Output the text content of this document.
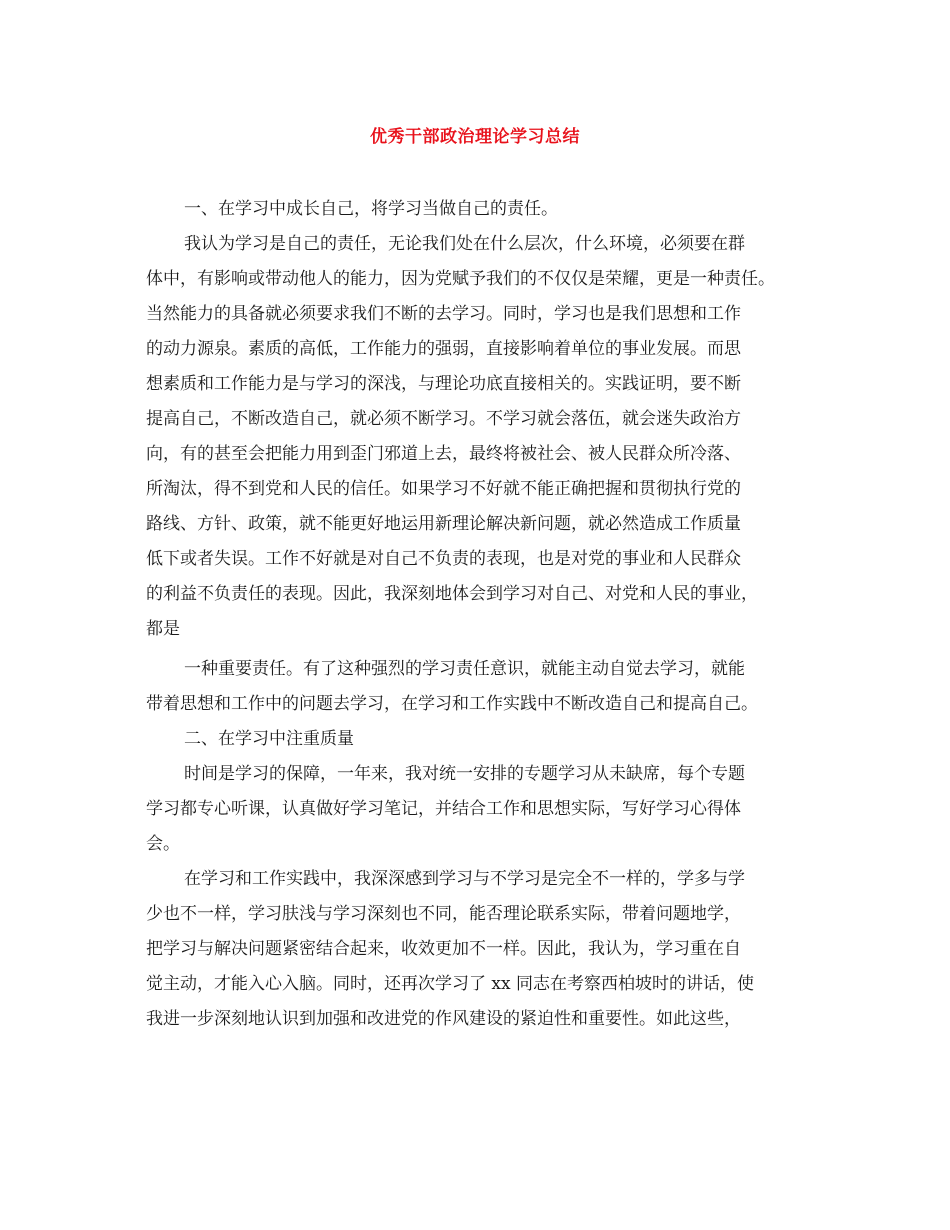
优秀干部政治理论学习总结
一、在学习中成长自己，将学习当做自己的责任。
我认为学习是自己的责任，无论我们处在什么层次，什么环境，必须要在群
体中，有影响或带动他人的能力，因为党赋予我们的不仅仅是荣耀，更是一种责任。
当然能力的具备就必须要求我们不断的去学习。同时，学习也是我们思想和工作
的动力源泉。素质的高低，工作能力的强弱，直接影响着单位的事业发展。而思
想素质和工作能力是与学习的深浅，与理论功底直接相关的。实践证明，要不断
提高自己，不断改造自己，就必须不断学习。不学习就会落伍，就会迷失政治方
向，有的甚至会把能力用到歪门邪道上去，最终将被社会、被人民群众所冷落、
所淘汰，得不到党和人民的信任。如果学习不好就不能正确把握和贯彻执行党的
路线、方针、政策，就不能更好地运用新理论解决新问题，就必然造成工作质量
低下或者失误。工作不好就是对自己不负责的表现，也是对党的事业和人民群众
的利益不负责任的表现。因此，我深刻地体会到学习对自己、对党和人民的事业，
都是
一种重要责任。有了这种强烈的学习责任意识，就能主动自觉去学习，就能
带着思想和工作中的问题去学习，在学习和工作实践中不断改造自己和提高自己。
二、在学习中注重质量
时间是学习的保障，一年来，我对统一安排的专题学习从未缺席，每个专题
学习都专心听课，认真做好学习笔记，并结合工作和思想实际，写好学习心得体
会。
在学习和工作实践中，我深深感到学习与不学习是完全不一样的，学多与学
少也不一样，学习肤浅与学习深刻也不同，能否理论联系实际，带着问题地学，
把学习与解决问题紧密结合起来，收效更加不一样。因此，我认为，学习重在自
觉主动，才能入心入脑。同时，还再次学习了 xx 同志在考察西柏坡时的讲话，使
我进一步深刻地认识到加强和改进党的作风建设的紧迫性和重要性。如此这些，
